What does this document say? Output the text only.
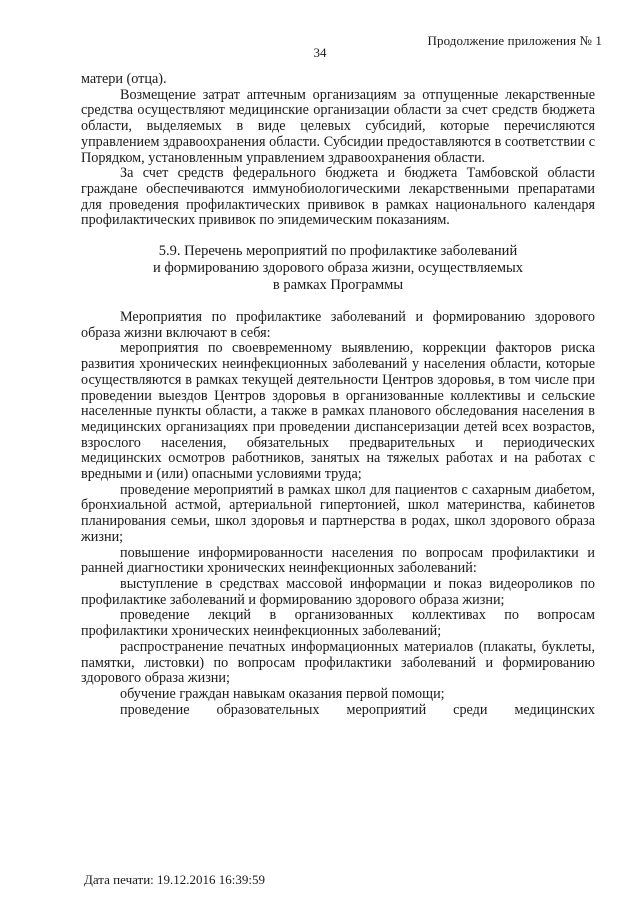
Продолжение приложения № 1
34

матери (отца).

Возмещение затрат аптечным организациям за отпущенные лекарственные средства осуществляют медицинские организации области за счет средств бюджета области, выделяемых в виде целевых субсидий, которые перечисляются управлением здравоохранения области. Субсидии предоставляются в соответствии с Порядком, установленным управлением здравоохранения области.

За счет средств федерального бюджета и бюджета Тамбовской области граждане обеспечиваются иммунобиологическими лекарственными препаратами для проведения профилактических прививок в рамках национального календаря профилактических прививок по эпидемическим показаниям.

5.9. Перечень мероприятий по профилактике заболеваний
и формированию здорового образа жизни, осуществляемых
в рамках Программы

Мероприятия по профилактике заболеваний и формированию здорового образа жизни включают в себя:

мероприятия по своевременному выявлению, коррекции факторов риска развития хронических неинфекционных заболеваний у населения области, которые осуществляются в рамках текущей деятельности Центров здоровья, в том числе при проведении выездов Центров здоровья в организованные коллективы и сельские населенные пункты области, а также в рамках планового обследования населения в медицинских организациях при проведении диспансеризации детей всех возрастов, взрослого населения, обязательных предварительных и периодических медицинских осмотров работников, занятых на тяжелых работах и на работах с вредными и (или) опасными условиями труда;

проведение мероприятий в рамках школ для пациентов с сахарным диабетом, бронхиальной астмой, артериальной гипертонией, школ материнства, кабинетов планирования семьи, школ здоровья и партнерства в родах, школ здорового образа жизни;

повышение информированности населения по вопросам профилактики и ранней диагностики хронических неинфекционных заболеваний:

выступление в средствах массовой информации и показ видеороликов по профилактике заболеваний и формированию здорового образа жизни;

проведение лекций в организованных коллективах по вопросам профилактики хронических неинфекционных заболеваний;

распространение печатных информационных материалов (плакаты, буклеты, памятки, листовки) по вопросам профилактики заболеваний и формированию здорового образа жизни;

обучение граждан навыкам оказания первой помощи;

проведение образовательных мероприятий среди медицинских

Дата печати: 19.12.2016 16:39:59
